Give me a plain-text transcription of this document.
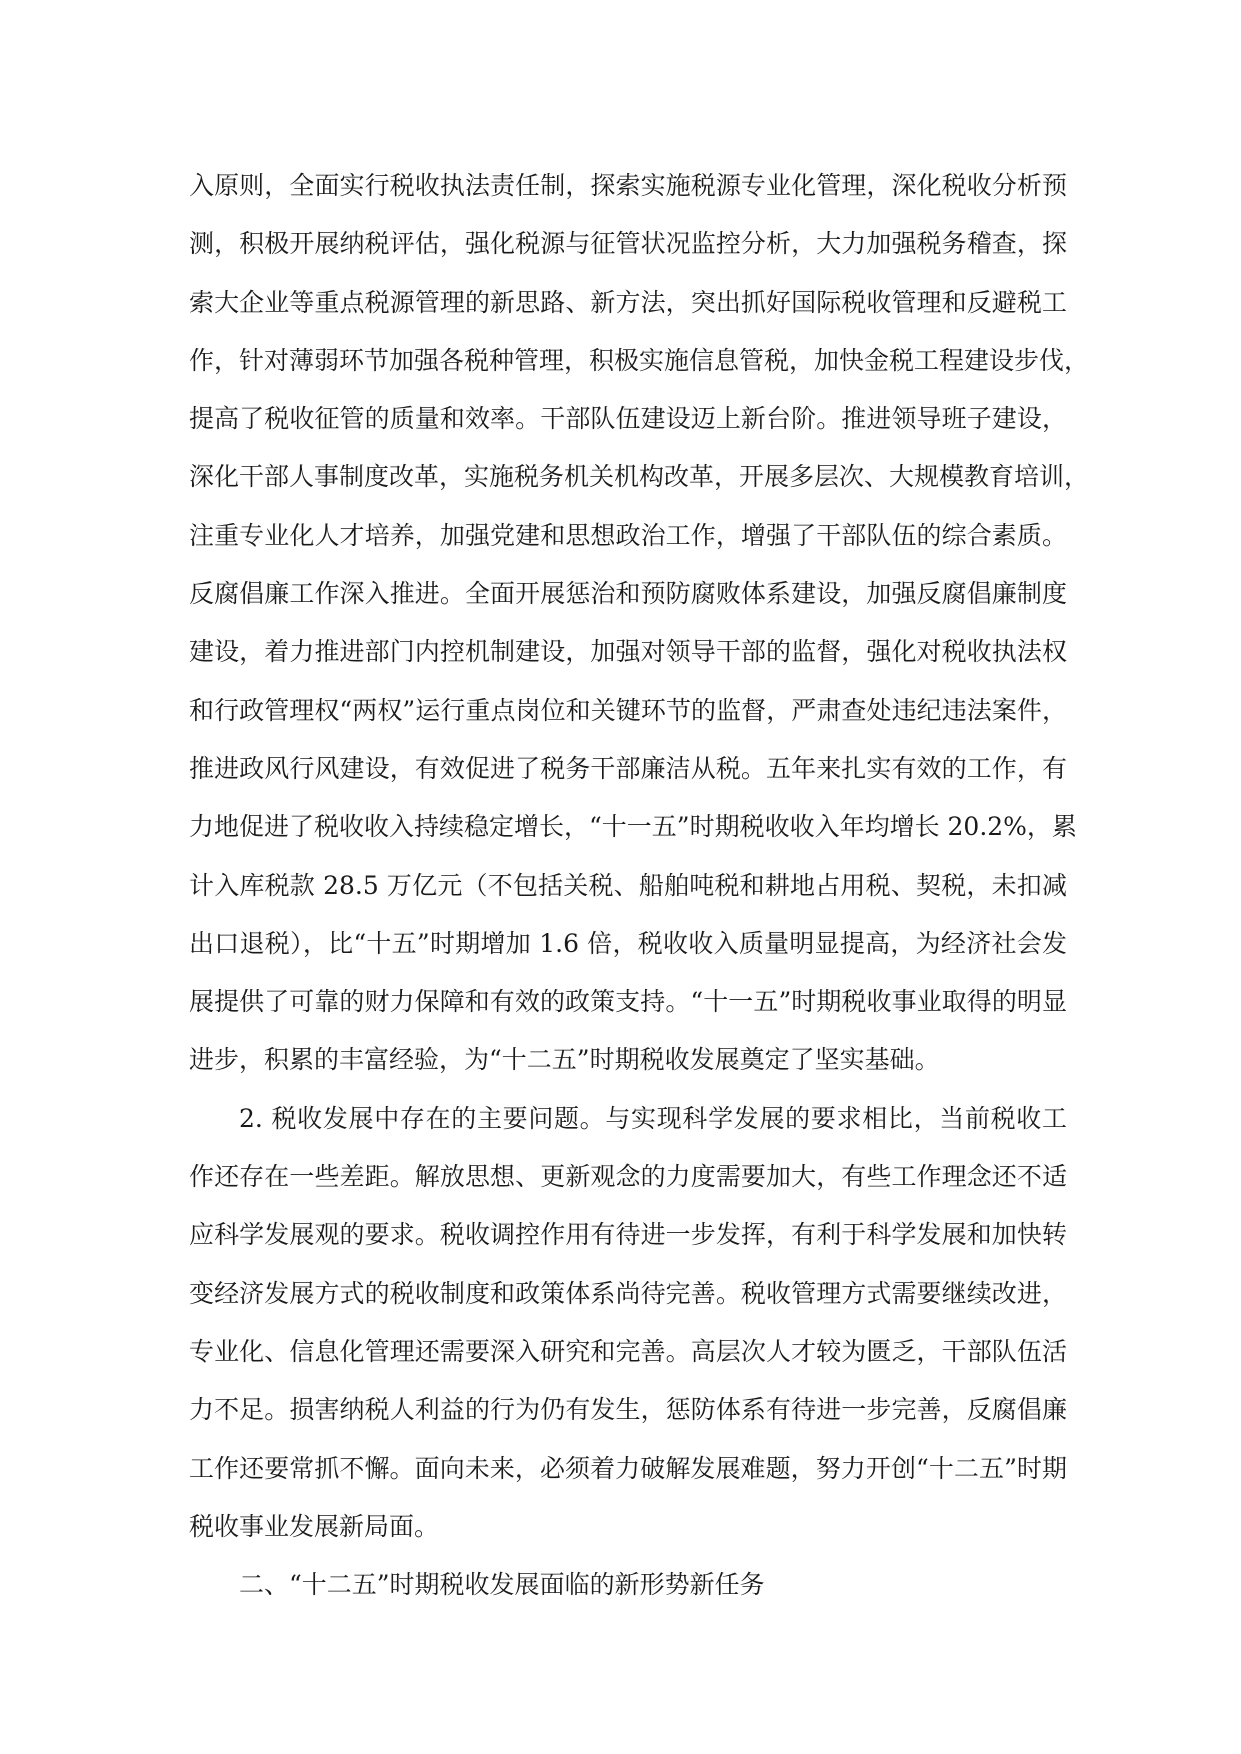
入原则，全面实行税收执法责任制，探索实施税源专业化管理，深化税收分析预
测，积极开展纳税评估，强化税源与征管状况监控分析，大力加强税务稽查，探
索大企业等重点税源管理的新思路、新方法，突出抓好国际税收管理和反避税工
作，针对薄弱环节加强各税种管理，积极实施信息管税，加快金税工程建设步伐，
提高了税收征管的质量和效率。干部队伍建设迈上新台阶。推进领导班子建设，
深化干部人事制度改革，实施税务机关机构改革，开展多层次、大规模教育培训，
注重专业化人才培养，加强党建和思想政治工作，增强了干部队伍的综合素质。
反腐倡廉工作深入推进。全面开展惩治和预防腐败体系建设，加强反腐倡廉制度
建设，着力推进部门内控机制建设，加强对领导干部的监督，强化对税收执法权
和行政管理权“两权”运行重点岗位和关键环节的监督，严肃查处违纪违法案件，
推进政风行风建设，有效促进了税务干部廉洁从税。五年来扎实有效的工作，有
力地促进了税收收入持续稳定增长，“十一五”时期税收收入年均增长 20.2%，累
计入库税款 28.5 万亿元（不包括关税、船舶吨税和耕地占用税、契税，未扣减
出口退税），比“十五”时期增加 1.6 倍，税收收入质量明显提高，为经济社会发
展提供了可靠的财力保障和有效的政策支持。“十一五”时期税收事业取得的明显
进步，积累的丰富经验，为“十二五”时期税收发展奠定了坚实基础。
2. 税收发展中存在的主要问题。与实现科学发展的要求相比，当前税收工
作还存在一些差距。解放思想、更新观念的力度需要加大，有些工作理念还不适
应科学发展观的要求。税收调控作用有待进一步发挥，有利于科学发展和加快转
变经济发展方式的税收制度和政策体系尚待完善。税收管理方式需要继续改进，
专业化、信息化管理还需要深入研究和完善。高层次人才较为匮乏，干部队伍活
力不足。损害纳税人利益的行为仍有发生，惩防体系有待进一步完善，反腐倡廉
工作还要常抓不懈。面向未来，必须着力破解发展难题，努力开创“十二五”时期
税收事业发展新局面。
二、“十二五”时期税收发展面临的新形势新任务
